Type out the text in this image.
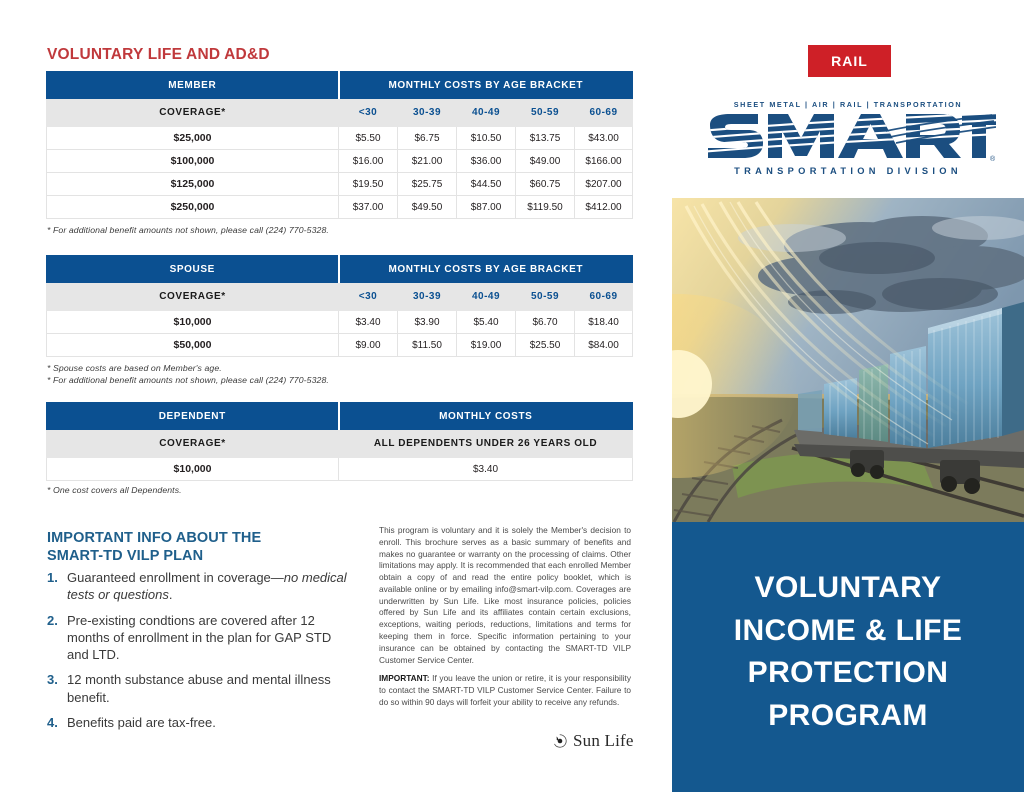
VOLUNTARY LIFE AND AD&D
MEMBER	MONTHLY COSTS BY AGE BRACKET				
COVERAGE*	<30	30-39	40-49	50-59	60-69
$25,000	$5.50	$6.75	$10.50	$13.75	$43.00
$100,000	$16.00	$21.00	$36.00	$49.00	$166.00
$125,000	$19.50	$25.75	$44.50	$60.75	$207.00
$250,000	$37.00	$49.50	$87.00	$119.50	$412.00
* For additional benefit amounts not shown, please call (224) 770-5328.
SPOUSE	MONTHLY COSTS BY AGE BRACKET				
COVERAGE*	<30	30-39	40-49	50-59	60-69
$10,000	$3.40	$3.90	$5.40	$6.70	$18.40
$50,000	$9.00	$11.50	$19.00	$25.50	$84.00
* Spouse costs are based on Member's age.
* For additional benefit amounts not shown, please call (224) 770-5328.
DEPENDENT	MONTHLY COSTS
COVERAGE*	ALL DEPENDENTS UNDER 26 YEARS OLD
$10,000	$3.40
* One cost covers all Dependents.
IMPORTANT INFO ABOUT THE
SMART-TD VILP PLAN
1. Guaranteed enrollment in coverage—no medical tests or questions.
2. Pre-existing condtions are covered after 12 months of enrollment in the plan for GAP STD and LTD.
3. 12 month substance abuse and mental illness benefit.
4. Benefits paid are tax-free.

This program is voluntary and it is solely the Member's decision to enroll. This brochure serves as a basic summary of benefits and makes no guarantee or warranty on the processing of claims. Other limitations may apply. It is recommended that each enrolled Member obtain a copy of and read the entire policy booklet, which is available online or by emailing info@smart-vilp.com. Coverages are underwritten by Sun Life. Like most insurance policies, policies offered by Sun Life and its affiliates contain certain exclusions, exceptions, waiting periods, reductions, limitations and terms for keeping them in force. Specific information pertaining to your insurance can be obtained by contacting the SMART-TD VILP Customer Service Center.

IMPORTANT: If you leave the union or retire, it is your responsibility to contact the SMART-TD VILP Customer Service Center. Failure to do so within 90 days will forfeit your ability to receive any refunds.

Sun Life
RAIL
SHEET METAL | AIR | RAIL | TRANSPORTATION
®
TRANSPORTATION DIVISION
VOLUNTARY
INCOME & LIFE
PROTECTION
PROGRAM
